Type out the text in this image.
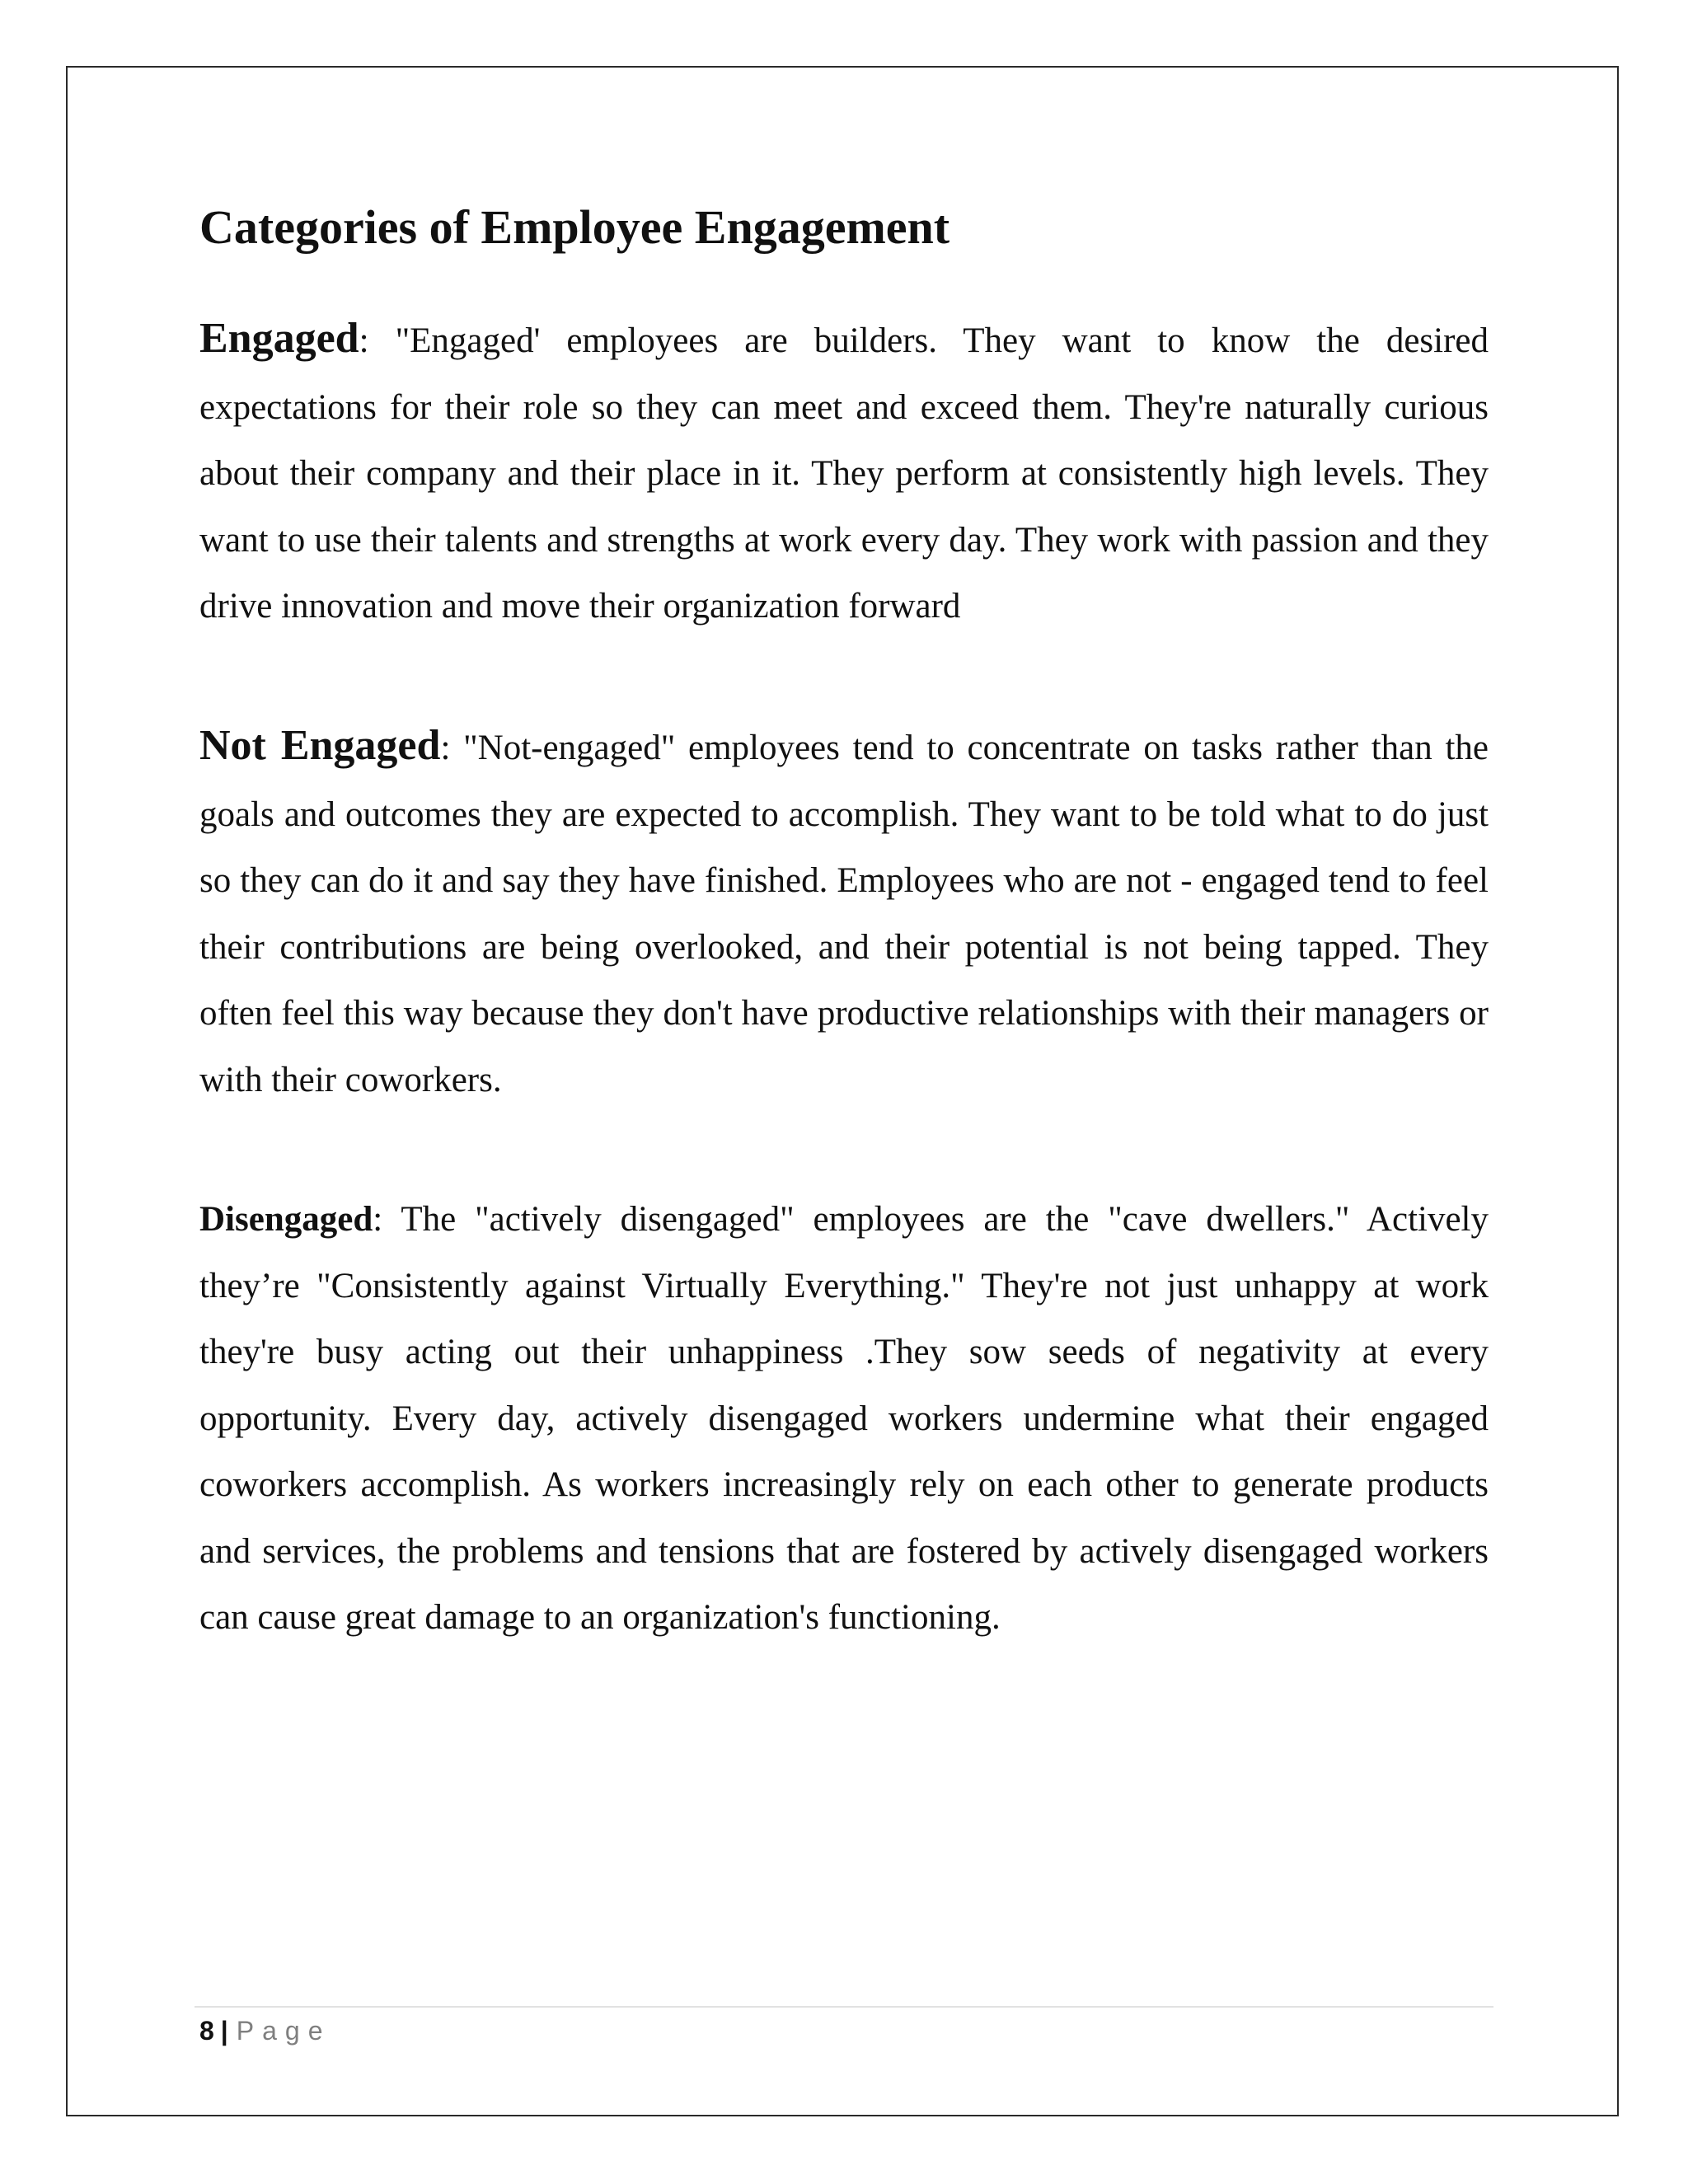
Categories of Employee Engagement

Engaged: "Engaged' employees are builders. They want to know the desired expectations for their role so they can meet and exceed them. They're naturally curious about their company and their place in it. They perform at consistently high levels. They want to use their talents and strengths at work every day. They work with passion and they drive innovation and move their organization forward

Not Engaged: "Not-engaged" employees tend to concentrate on tasks rather than the goals and outcomes they are expected to accomplish. They want to be told what to do just so they can do it and say they have finished. Employees who are not - engaged tend to feel their contributions are being overlooked, and their potential is not being tapped. They often feel this way because they don't have productive relationships with their managers or with their coworkers.

Disengaged: The "actively disengaged" employees are the "cave dwellers." Actively they’re "Consistently against Virtually Everything." They're not just unhappy at work they're busy acting out their unhappiness .They sow seeds of negativity at every opportunity. Every day, actively disengaged workers undermine what their engaged coworkers accomplish. As workers increasingly rely on each other to generate products and services, the problems and tensions that are fostered by actively disengaged workers can cause great damage to an organization's functioning.

8 | Page
